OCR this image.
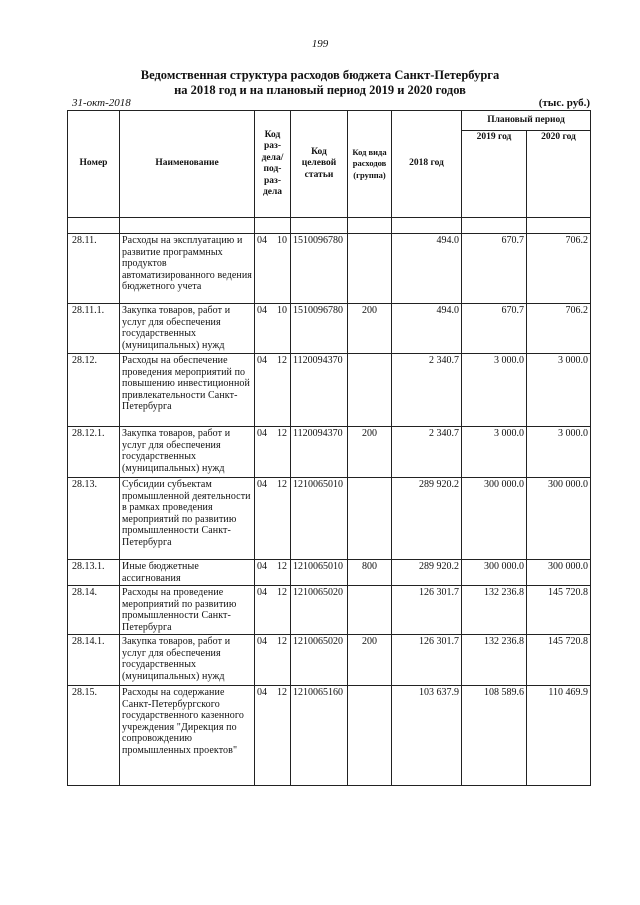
199
Ведомственная структура расходов бюджета Санкт-Петербурга
на 2018 год и на плановый период 2019 и 2020 годов
31-окт-2018	(тыс. руб.)
Номер	Наименование	Код раз-дела/под-раз-дела	Код целевой статьи	Код вида расходов (группа)	2018 год	Плановый период	
						2019 год	2020 год

28.11.	Расходы на эксплуатацию и развитие программных продуктов автоматизированного ведения бюджетного учета	04 10	1510096780		494.0	670.7	706.2
28.11.1.	Закупка товаров, работ и услуг для обеспечения государственных (муниципальных) нужд	04 10	1510096780	200	494.0	670.7	706.2
28.12.	Расходы на обеспечение проведения мероприятий по повышению инвестиционной привлекательности Санкт-Петербурга	04 12	1120094370		2 340.7	3 000.0	3 000.0
28.12.1.	Закупка товаров, работ и услуг для обеспечения государственных (муниципальных) нужд	04 12	1120094370	200	2 340.7	3 000.0	3 000.0
28.13.	Субсидии субъектам промышленной деятельности в рамках проведения мероприятий по развитию промышленности Санкт-Петербурга	04 12	1210065010		289 920.2	300 000.0	300 000.0
28.13.1.	Иные бюджетные ассигнования	04 12	1210065010	800	289 920.2	300 000.0	300 000.0
28.14.	Расходы на проведение мероприятий по развитию промышленности Санкт-Петербурга	04 12	1210065020		126 301.7	132 236.8	145 720.8
28.14.1.	Закупка товаров, работ и услуг для обеспечения государственных (муниципальных) нужд	04 12	1210065020	200	126 301.7	132 236.8	145 720.8
28.15.	Расходы на содержание Санкт-Петербургского государственного казенного учреждения "Дирекция по сопровождению промышленных проектов"	04 12	1210065160		103 637.9	108 589.6	110 469.9
